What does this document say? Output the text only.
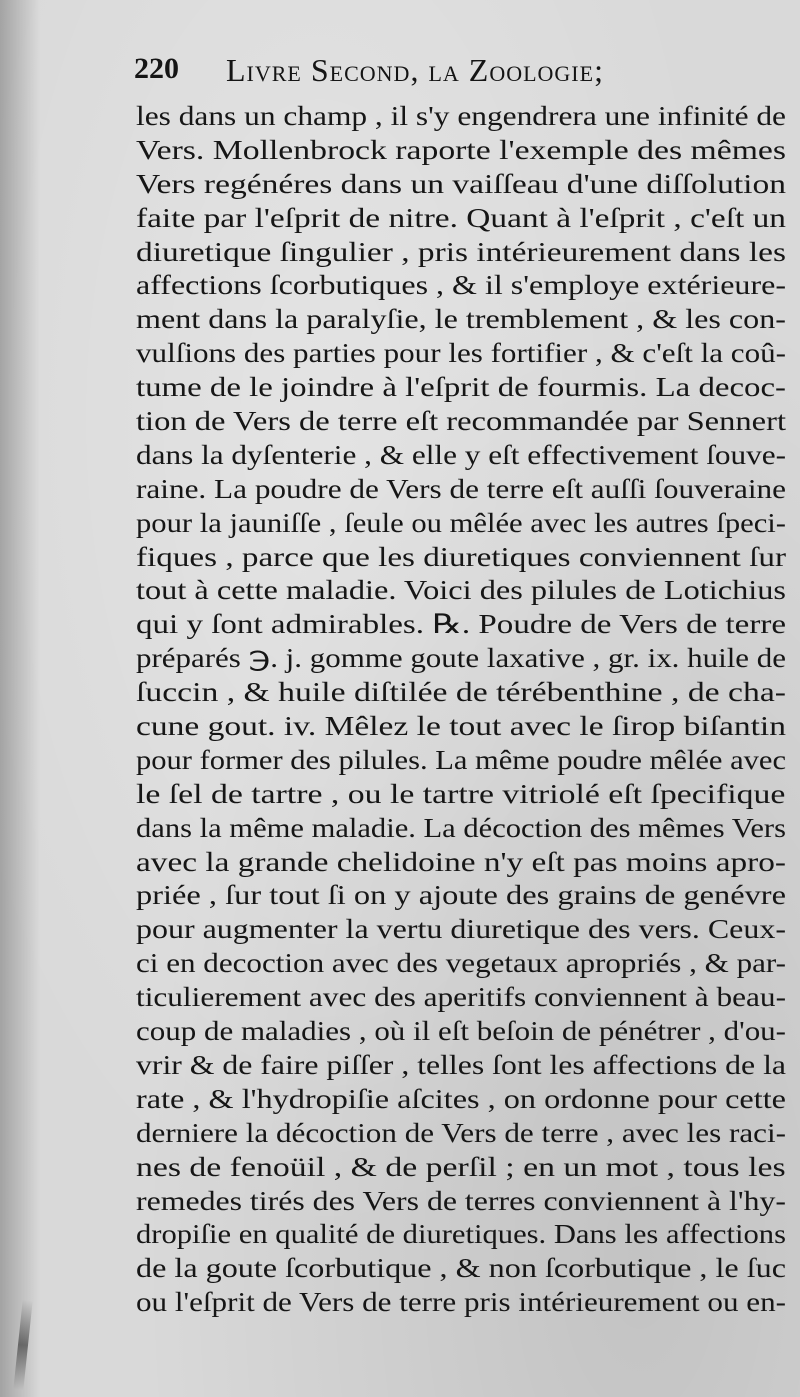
220 Livre Second, la Zoologie;
les dans un champ , il s'y engendrera une infinité de
Vers. Mollenbrock raporte l'exemple des mêmes
Vers regénéres dans un vaiſſeau d'une diſſolution
faite par l'eſprit de nitre. Quant à l'eſprit , c'eſt un
diuretique ſingulier , pris intérieurement dans les
affections ſcorbutiques , & il s'employe extérieure-
ment dans la paralyſie, le tremblement , & les con-
vulſions des parties pour les fortifier , & c'eſt la coû-
tume de le joindre à l'eſprit de fourmis. La decoc-
tion de Vers de terre eſt recommandée par Sennert
dans la dyſenterie , & elle y eſt effectivement ſouve-
raine. La poudre de Vers de terre eſt auſſi ſouveraine
pour la jauniſſe , ſeule ou mêlée avec les autres ſpeci-
fiques , parce que les diuretiques conviennent ſur
tout à cette maladie. Voici des pilules de Lotichius
qui y ſont admirables. ℞. Poudre de Vers de terre
préparés ℈. j. gomme goute laxative , gr. ix. huile de
ſuccin , & huile diſtilée de térébenthine , de cha-
cune gout. iv. Mêlez le tout avec le ſirop biſantin
pour former des pilules. La même poudre mêlée avec
le ſel de tartre , ou le tartre vitriolé eſt ſpecifique
dans la même maladie. La décoction des mêmes Vers
avec la grande chelidoine n'y eſt pas moins apro-
priée , ſur tout ſi on y ajoute des grains de genévre
pour augmenter la vertu diuretique des vers. Ceux-
ci en decoction avec des vegetaux apropriés , & par-
ticulierement avec des aperitifs conviennent à beau-
coup de maladies , où il eſt beſoin de pénétrer , d'ou-
vrir & de faire piſſer , telles ſont les affections de la
rate , & l'hydropiſie aſcites , on ordonne pour cette
derniere la décoction de Vers de terre , avec les raci-
nes de fenoüil , & de perſil ; en un mot , tous les
remedes tirés des Vers de terres conviennent à l'hy-
dropiſie en qualité de diuretiques. Dans les affections
de la goute ſcorbutique , & non ſcorbutique , le ſuc
ou l'eſprit de Vers de terre pris intérieurement ou en-
